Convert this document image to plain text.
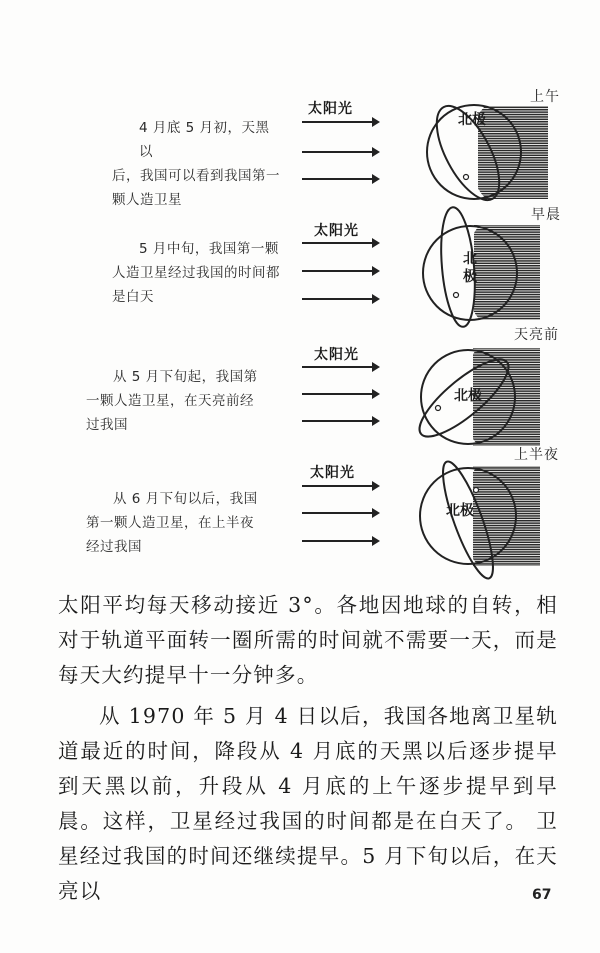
4 月底 5 月初，天黑以
后，我国可以看到我国第一
颗人造卫星
太阳光
上午
北极
5 月中旬，我国第一颗
人造卫星经过我国的时间都
是白天
太阳光
早晨
北极
从 5 月下旬起，我国第
一颗人造卫星，在天亮前经
过我国
太阳光
天亮前
北极
从 6 月下旬以后，我国
第一颗人造卫星，在上半夜
经过我国
太阳光
上半夜
北极

太阳平均每天移动接近 3°。各地因地球的自转，相对于轨道平面转一圈所需的时间就不需要一天，而是每天大约提早十一分钟多。

从 1970 年 5 月 4 日以后，我国各地离卫星轨道最近的时间，降段从 4 月底的天黑以后逐步提早到天黑以前，升段从 4 月底的上午逐步提早到早晨。这样，卫星经过我国的时间都是在白天了。 卫星经过我国的时间还继续提早。5 月下旬以后，在天亮以	67
